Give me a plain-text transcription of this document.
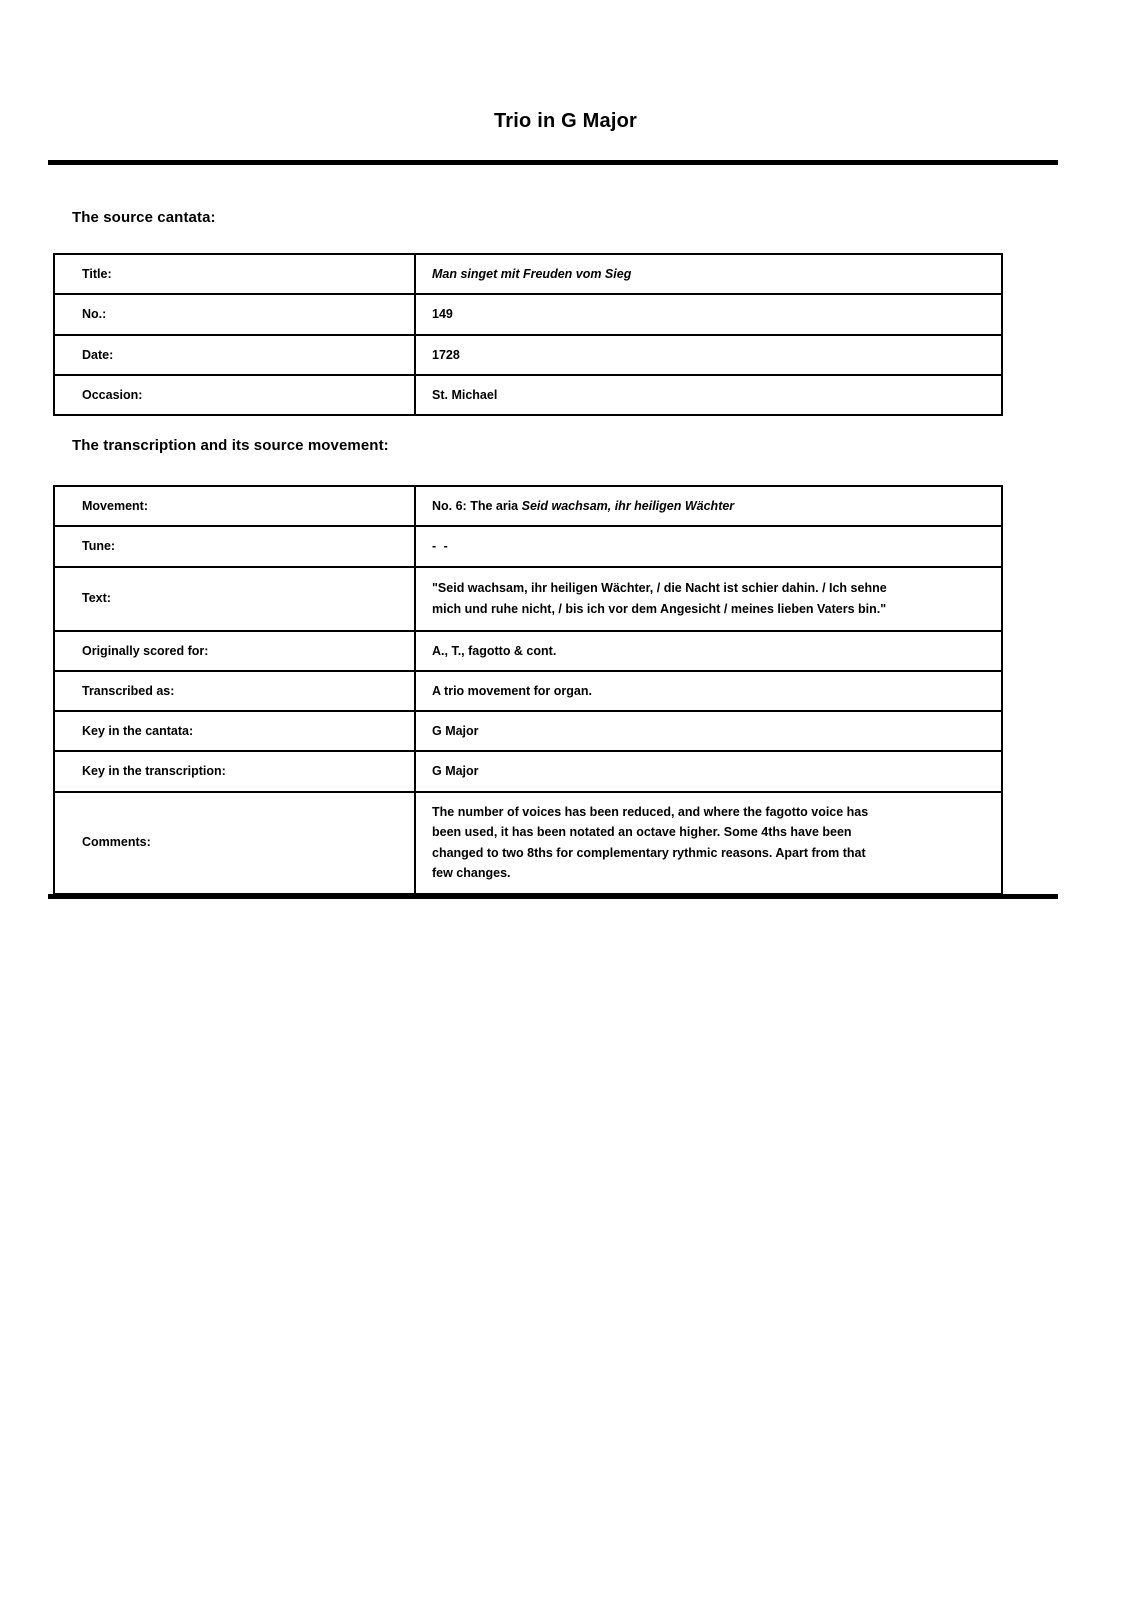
Trio in G Major
The source cantata:
Title:	Man singet mit Freuden vom Sieg
No.:	149
Date:	1728
Occasion:	St. Michael
The transcription and its source movement:
Movement:	No. 6: The aria Seid wachsam, ihr heiligen Wächter
Tune:	- -
Text:	"Seid wachsam, ihr heiligen Wächter, / die Nacht ist schier dahin. / Ich sehne
mich und ruhe nicht, / bis ich vor dem Angesicht / meines lieben Vaters bin."

Originally scored for:	A., T., fagotto & cont.
Transcribed as:	A trio movement for organ.
Key in the cantata:	G Major
Key in the transcription:	G Major
Comments:	The number of voices has been reduced, and where the fagotto voice has
been used, it has been notated an octave higher. Some 4ths have been
changed to two 8ths for complementary rythmic reasons. Apart from that
few changes.
